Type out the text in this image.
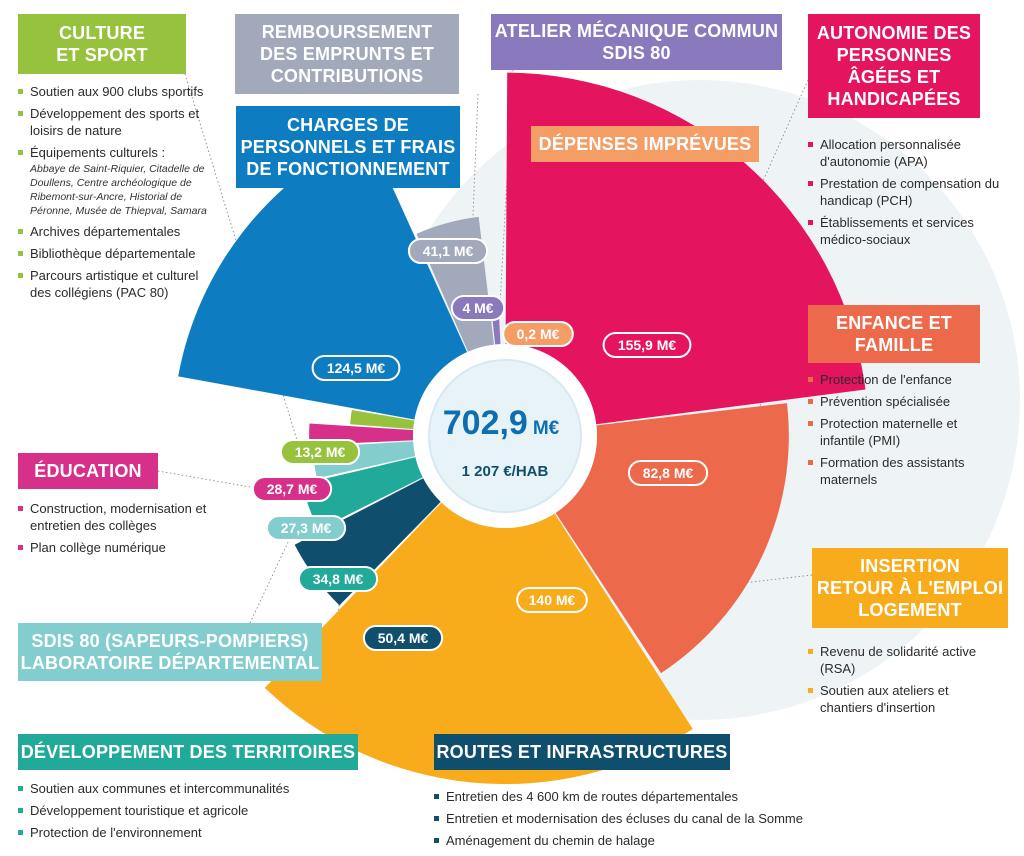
155,9 M€
82,8 M€
140 M€
50,4 M€
34,8 M€
27,3 M€
28,7 M€
13,2 M€
124,5 M€
41,1 M€
4 M€
0,2 M€
702,9 M€
1 207 €/HAB
CULTURE
ET SPORT
REMBOURSEMENT
DES EMPRUNTS ET
CONTRIBUTIONS
ATELIER MÉCANIQUE COMMUN
SDIS 80
AUTONOMIE DES
PERSONNES
ÂGÉES ET
HANDICAPÉES
CHARGES DE
PERSONNELS ET FRAIS
DE FONCTIONNEMENT
DÉPENSES IMPRÉVUES
ENFANCE ET
FAMILLE
ÉDUCATION
INSERTION
RETOUR À L'EMPLOI
LOGEMENT
SDIS 80 (SAPEURS-POMPIERS)
LABORATOIRE DÉPARTEMENTAL
DÉVELOPPEMENT DES TERRITOIRES	ROUTES ET INFRASTRUCTURES
Soutien aux 900 clubs sportifs
Développement des sports et loisirs de nature
Équipements culturels :
Abbaye de Saint-Riquier, Citadelle de Doullens, Centre archéologique de Ribemont-sur-Ancre, Historial de Péronne, Musée de Thiepval, Samara
Archives départementales
Bibliothèque départementale
Parcours artistique et culturel des collégiens (PAC 80)
Allocation personnalisée d'autonomie (APA)
Prestation de compensation du handicap (PCH)
Établissements et services médico-sociaux
Protection de l'enfance
Prévention spécialisée
Protection maternelle et infantile (PMI)
Formation des assistants maternels
Construction, modernisation et entretien des collèges
Plan collège numérique
Revenu de solidarité active (RSA)
Soutien aux ateliers et chantiers d'insertion
Soutien aux communes et intercommunalités
Développement touristique et agricole
Protection de l'environnement
Entretien des 4 600 km de routes départementales
Entretien et modernisation des écluses du canal de la Somme
Aménagement du chemin de halage
